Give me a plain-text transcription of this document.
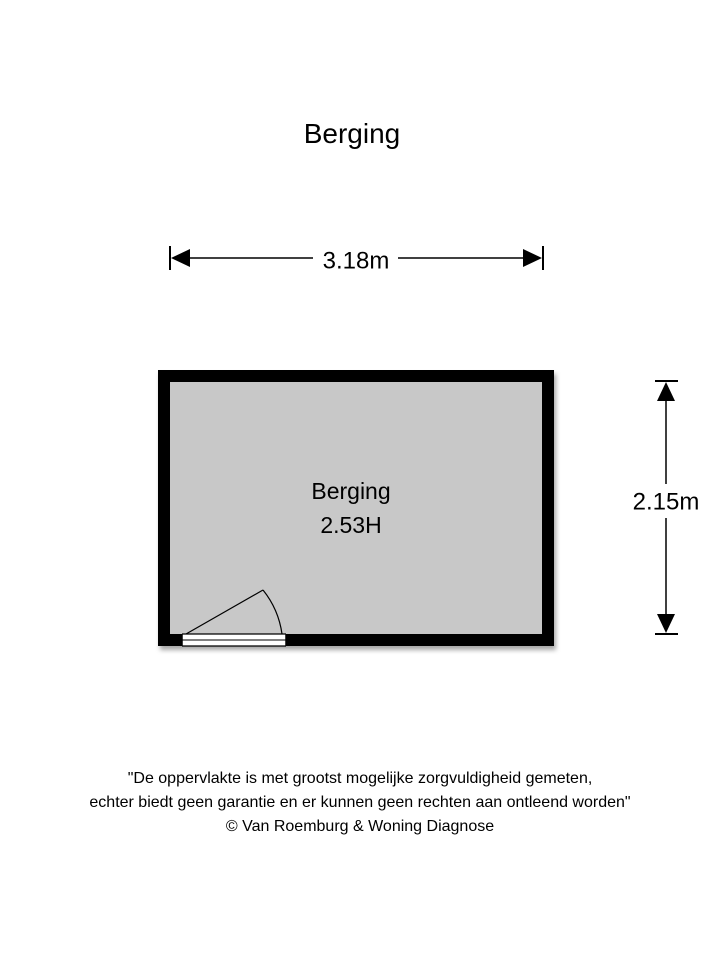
Berging
3.18m
2.15m
Berging
2.53H
"De oppervlakte is met grootst mogelijke zorgvuldigheid gemeten,
echter biedt geen garantie en er kunnen geen rechten aan ontleend worden"
© Van Roemburg & Woning Diagnose
